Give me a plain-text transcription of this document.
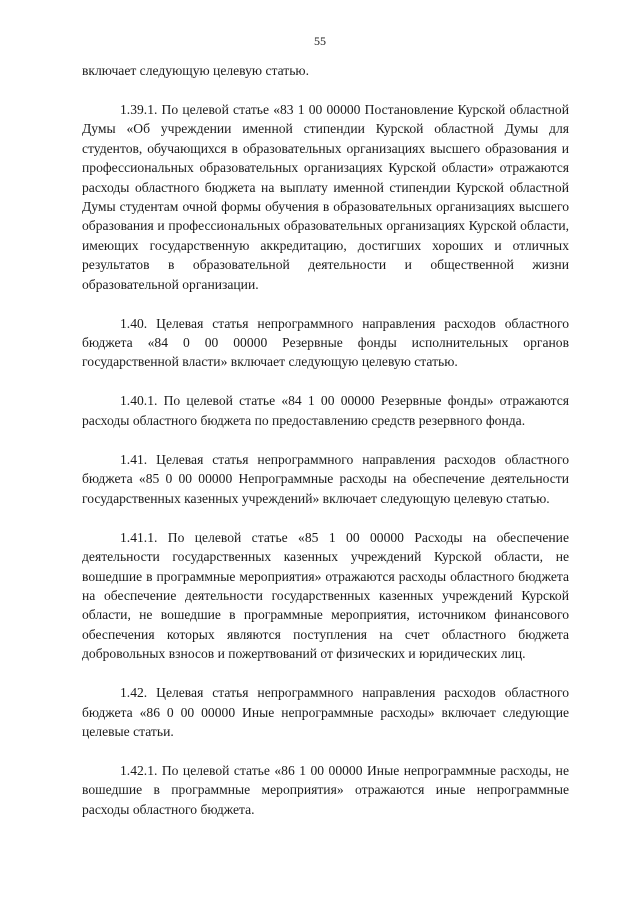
55

включает следующую целевую статью.

1.39.1. По целевой статье «83 1 00 00000 Постановление Курской областной Думы «Об учреждении именной стипендии Курской областной Думы для студентов, обучающихся в образовательных организациях высшего образования и профессиональных образовательных организациях Курской области» отражаются расходы областного бюджета на выплату именной стипендии Курской областной Думы студентам очной формы обучения в образовательных организациях высшего образования и профессиональных образовательных организациях Курской области, имеющих государственную аккредитацию, достигших хороших и отличных результатов в образовательной деятельности и общественной жизни образовательной организации.

1.40. Целевая статья непрограммного направления расходов областного бюджета «84 0 00 00000 Резервные фонды исполнительных органов государственной власти» включает следующую целевую статью.

1.40.1. По целевой статье «84 1 00 00000 Резервные фонды» отражаются расходы областного бюджета по предоставлению средств резервного фонда.

1.41. Целевая статья непрограммного направления расходов областного бюджета «85 0 00 00000 Непрограммные расходы на обеспечение деятельности государственных казенных учреждений» включает следующую целевую статью.

1.41.1. По целевой статье «85 1 00 00000 Расходы на обеспечение деятельности государственных казенных учреждений Курской области, не вошедшие в программные мероприятия» отражаются расходы областного бюджета на обеспечение деятельности государственных казенных учреждений Курской области, не вошедшие в программные мероприятия, источником финансового обеспечения которых являются поступления на счет областного бюджета добровольных взносов и пожертвований от физических и юридических лиц.

1.42. Целевая статья непрограммного направления расходов областного бюджета «86 0 00 00000 Иные непрограммные расходы» включает следующие целевые статьи.

1.42.1. По целевой статье «86 1 00 00000 Иные непрограммные расходы, не вошедшие в программные мероприятия» отражаются иные непрограммные расходы областного бюджета.
